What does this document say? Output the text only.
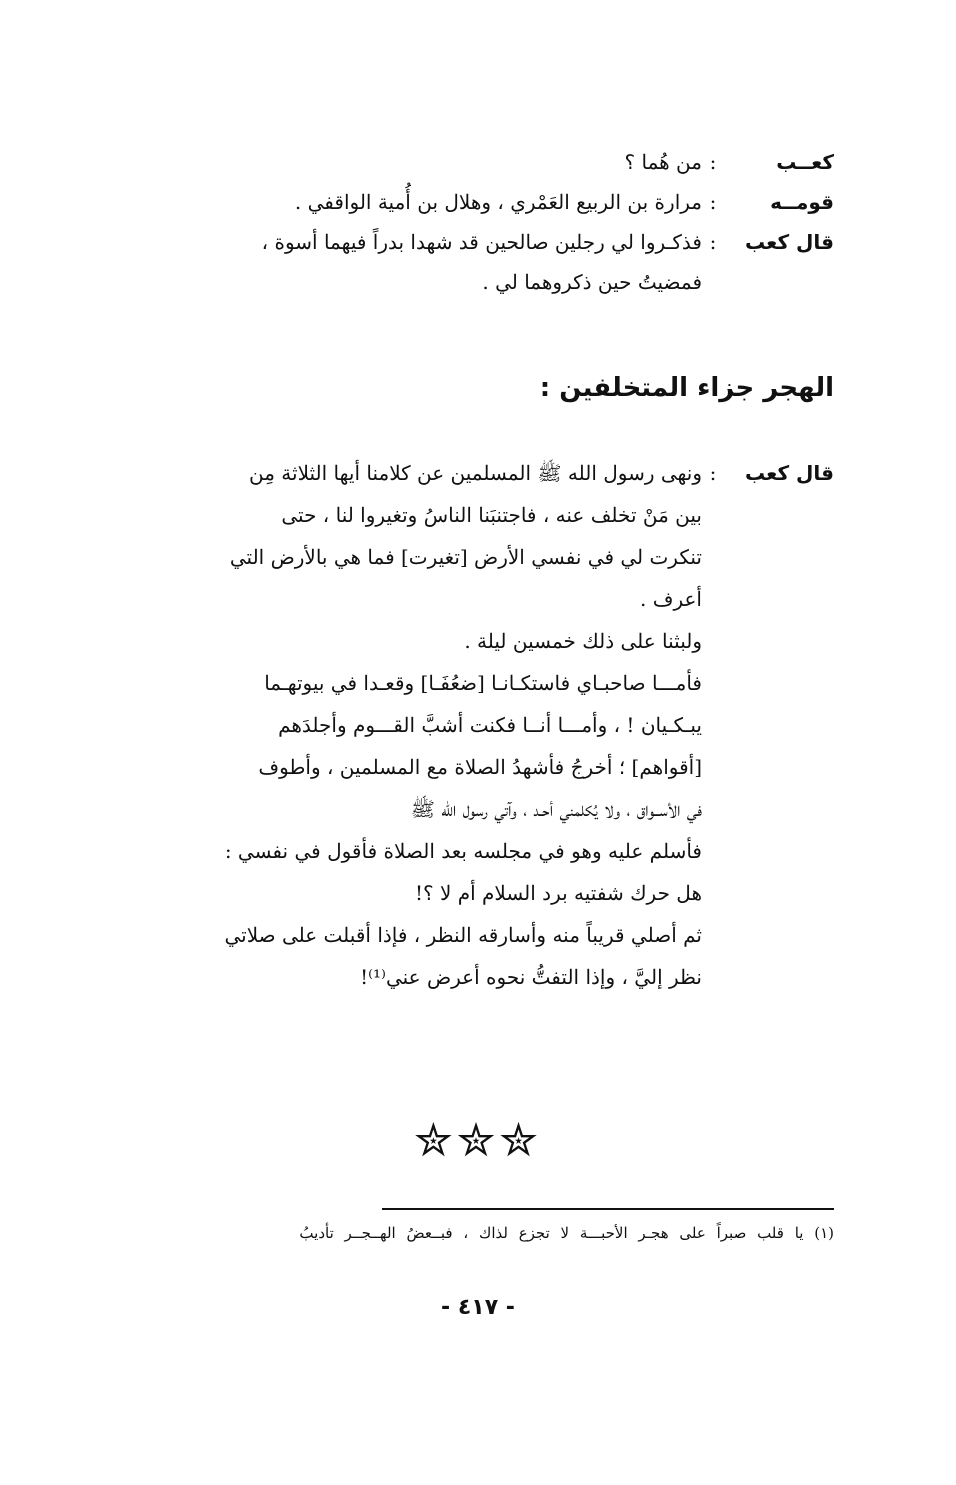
كعــب
:
من هُما ؟
قومــه
:
مرارة بن الربيع العَمْري ، وهلال بن أُمية الواقفي .
قال كعب
:
فذكـروا لي رجلين صالحين قد شهدا بدراً فيهما أسوة ،
فمضيتُ حين ذكروهما لي .
الهجر جزاء المتخلفين :
قال كعب
:
ونهى رسول الله ﷺ المسلمين عن كلامنا أيها الثلاثة مِن
بين مَنْ تخلف عنه ، فاجتنبَنا الناسُ وتغيروا لنا ، حتى
تنكرت لي في نفسي الأرض [تغيرت] فما هي بالأرض التي
أعرف .
ولبثنا على ذلك خمسين ليلة .
فأمـــا صاحبـاي فاستكـانـا [ضعُفَـا] وقعـدا في بيوتهـما
يبـكـيان ! ، وأمـــا أنــا فكنت أشبَّ القـــوم وأجلدَهم
[أقواهم] ؛ أخرجُ فأشهدُ الصلاة مع المسلمين ، وأطوف
في الأســواق ، ولا يُكلمني أحـد ، وآتي رسول الله ﷺ
فأسلم عليه وهو في مجلسه بعد الصلاة فأقول في نفسي :
هل حرك شفتيه برد السلام أم لا ؟!
ثم أصلي قريباً منه وأسارقه النظر ، فإذا أقبلت على صلاتي
نظر إليَّ ، وإذا التفتُّ نحوه أعرض عني⁽¹⁾!
✮✮✮
(١) يا قلب صبراً على هجـر الأحبـــة لا تجزع لذاك ، فبــعضُ الهــجــر تأديبُ
- ٤١٧ -
